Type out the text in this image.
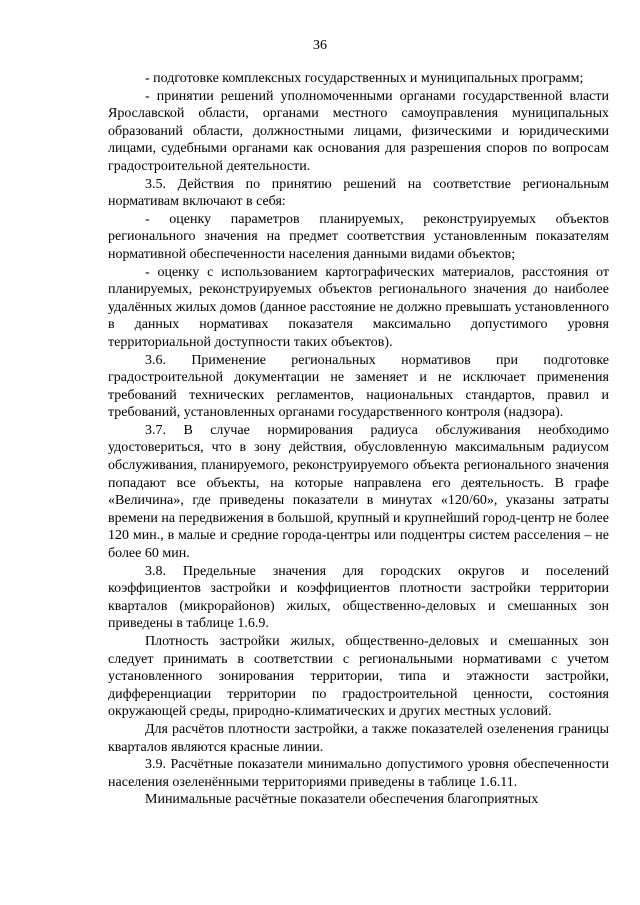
36

- подготовке комплексных государственных и муниципальных программ;

- принятии решений уполномоченными органами государственной власти Ярославской области, органами местного самоуправления муниципальных образований области, должностными лицами, физическими и юридическими лицами, судебными органами как основания для разрешения споров по вопросам градостроительной деятельности.

3.5. Действия по принятию решений на соответствие региональным нормативам включают в себя:

- оценку параметров планируемых, реконструируемых объектов регионального значения на предмет соответствия установленным показателям нормативной обеспеченности населения данными видами объектов;

- оценку с использованием картографических материалов, расстояния от планируемых, реконструируемых объектов регионального значения до наиболее удалённых жилых домов (данное расстояние не должно превышать установленного в данных нормативах показателя максимально допустимого уровня территориальной доступности таких объектов).

3.6. Применение региональных нормативов при подготовке градостроительной документации не заменяет и не исключает применения требований технических регламентов, национальных стандартов, правил и требований, установленных органами государственного контроля (надзора).

3.7. В случае нормирования радиуса обслуживания необходимо удостовериться, что в зону действия, обусловленную максимальным радиусом обслуживания, планируемого, реконструируемого объекта регионального значения попадают все объекты, на которые направлена его деятельность. В графе «Величина», где приведены показатели в минутах «120/60», указаны затраты времени на передвижения в большой, крупный и крупнейший город-центр не более 120 мин., в малые и средние города-центры или подцентры систем расселения – не более 60 мин.

3.8. Предельные значения для городских округов и поселений коэффициентов застройки и коэффициентов плотности застройки территории кварталов (микрорайонов) жилых, общественно-деловых и смешанных зон приведены в таблице 1.6.9.

Плотность застройки жилых, общественно-деловых и смешанных зон следует принимать в соответствии с региональными нормативами с учетом установленного зонирования территории, типа и этажности застройки, дифференциации территории по градостроительной ценности, состояния окружающей среды, природно-климатических и других местных условий.

Для расчётов плотности застройки, а также показателей озеленения границы кварталов являются красные линии.

3.9. Расчётные показатели минимально допустимого уровня обеспеченности населения озеленёнными территориями приведены в таблице 1.6.11.

Минимальные расчётные показатели обеспечения благоприятных
